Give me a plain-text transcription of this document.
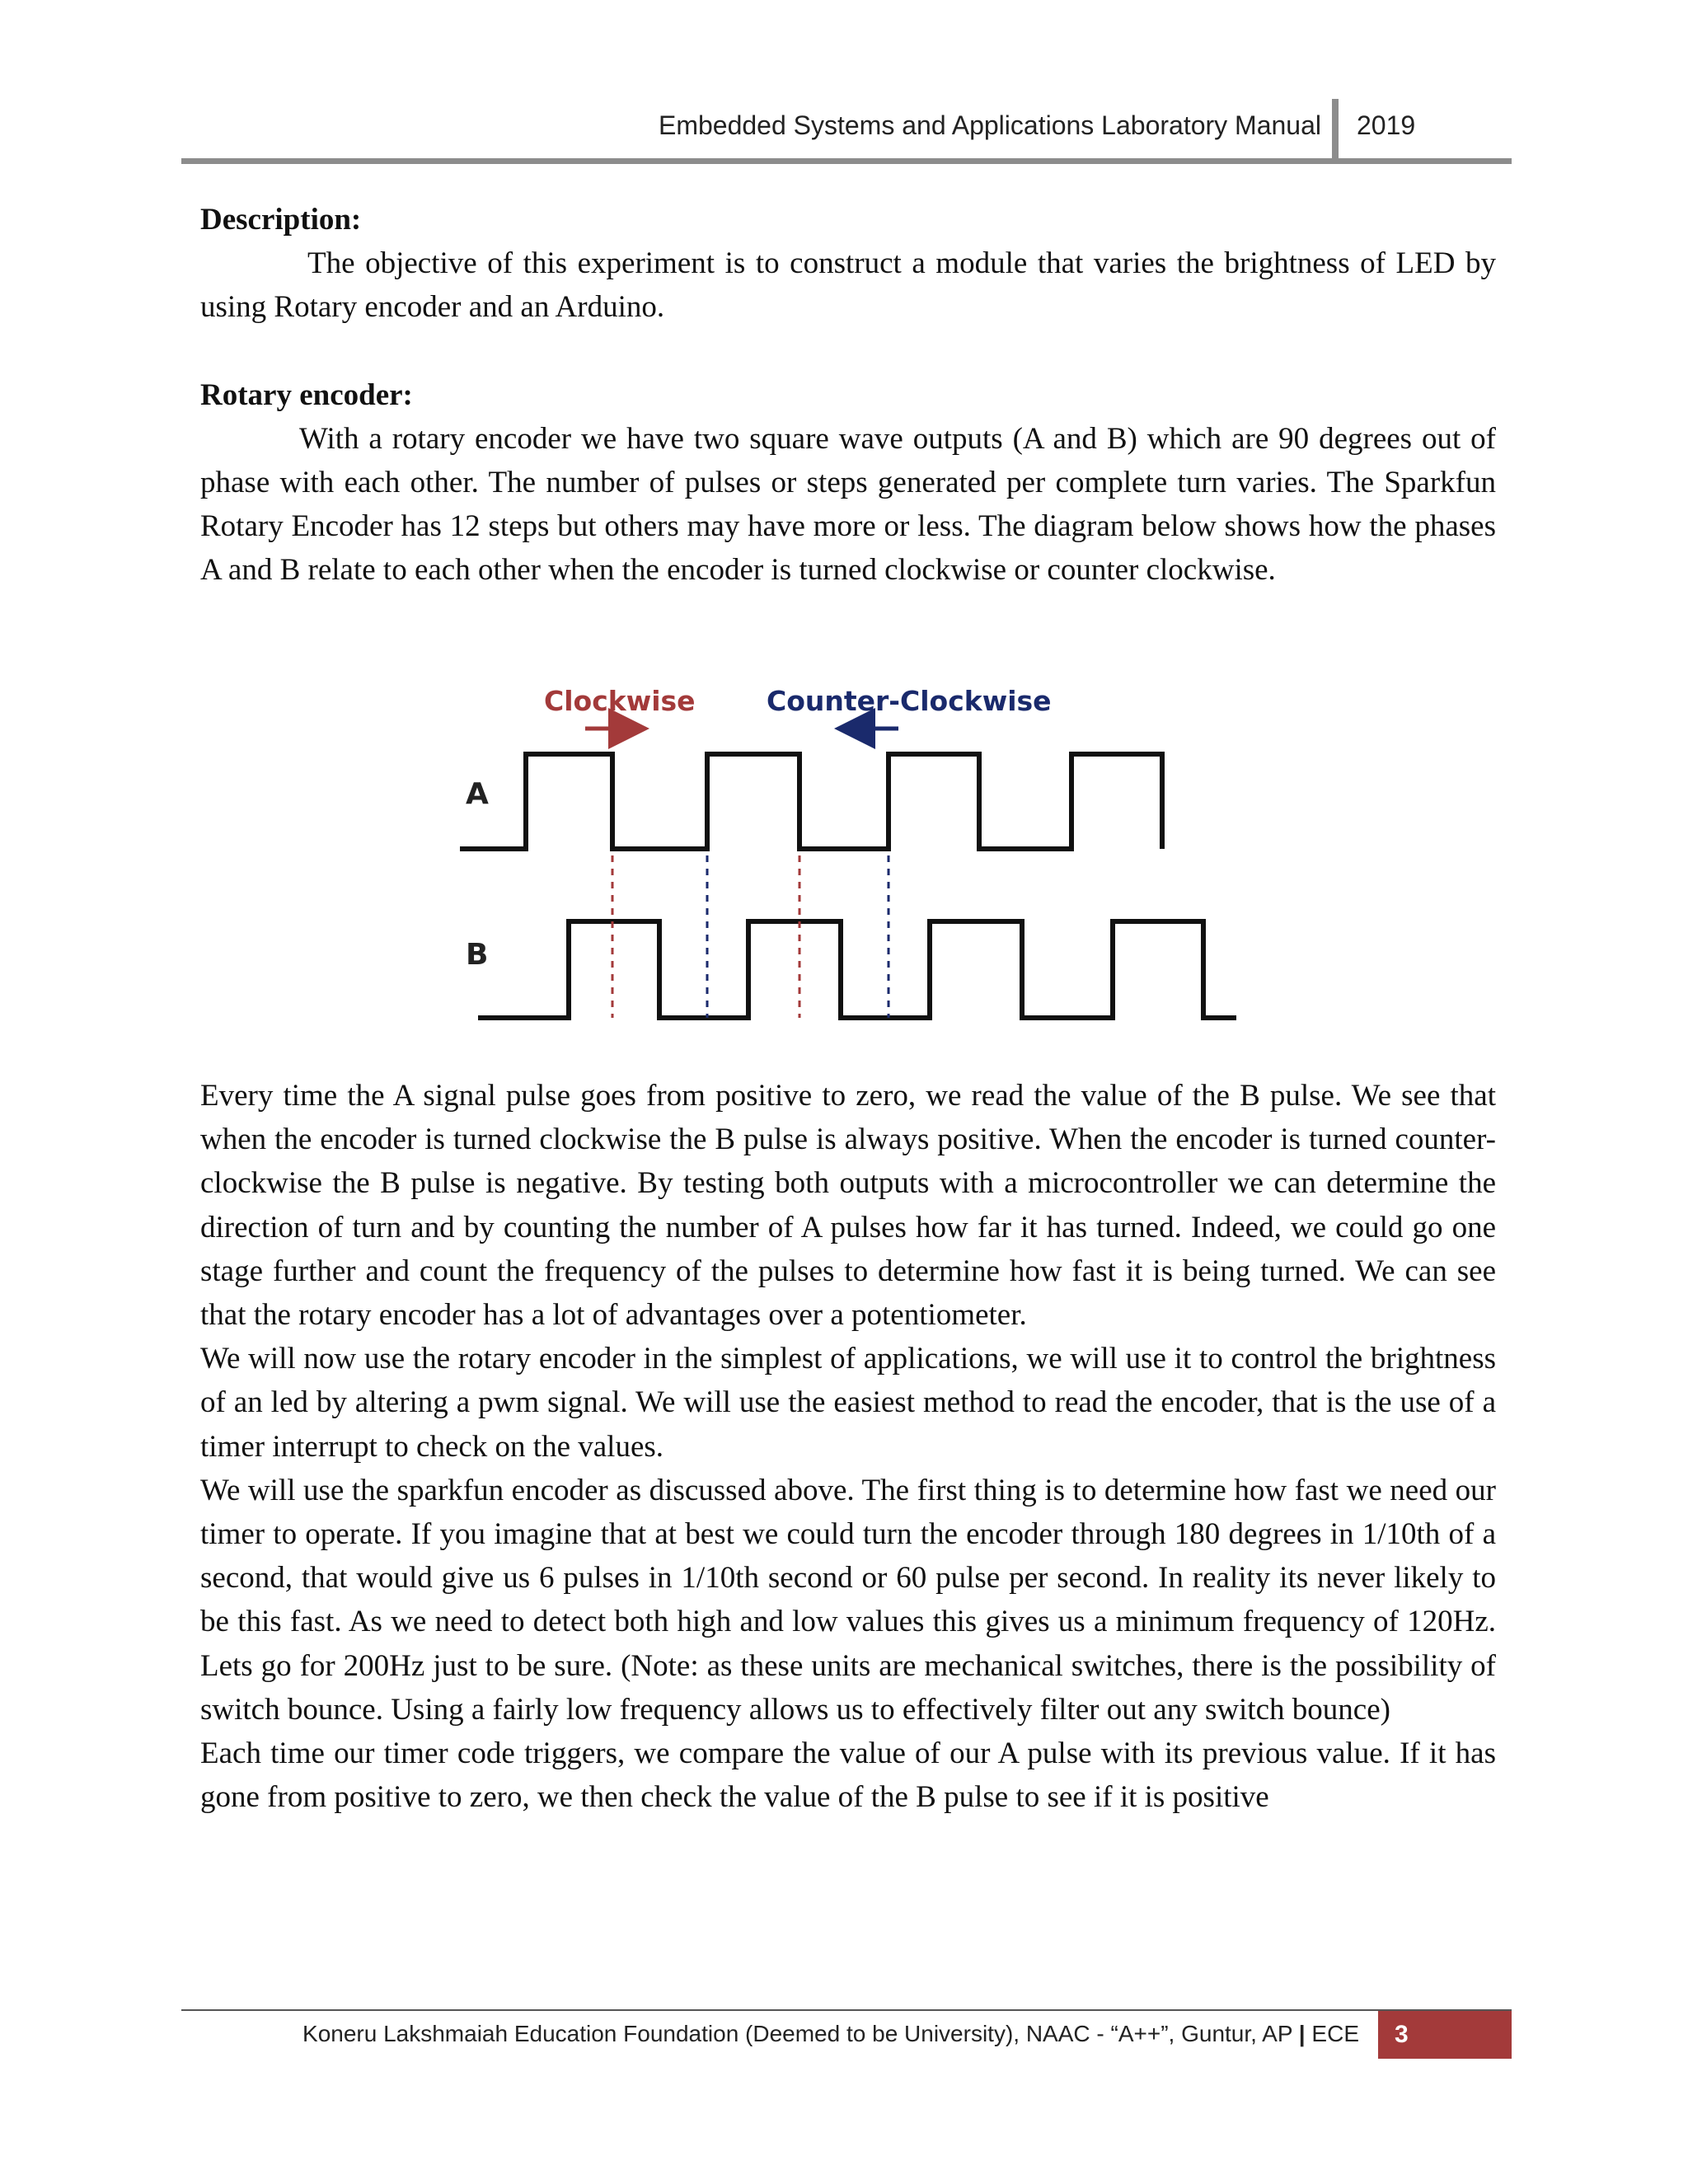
Embedded Systems and Applications Laboratory Manual 2019

Description:

The objective of this experiment is to construct a module that varies the brightness of LED by using Rotary encoder and an Arduino.

Rotary encoder:

With a rotary encoder we have two square wave outputs (A and B) which are 90 degrees out of phase with each other. The number of pulses or steps generated per complete turn varies. The Sparkfun Rotary Encoder has 12 steps but others may have more or less. The diagram below shows how the phases A and B relate to each other when the encoder is turned clockwise or counter clockwise.

Clockwise	Counter-Clockwise
A
B

Every time the A signal pulse goes from positive to zero, we read the value of the B pulse. We see that when the encoder is turned clockwise the B pulse is always positive. When the encoder is turned counter-clockwise the B pulse is negative. By testing both outputs with a microcontroller we can determine the direction of turn and by counting the number of A pulses how far it has turned. Indeed, we could go one stage further and count the frequency of the pulses to determine how fast it is being turned. We can see that the rotary encoder has a lot of advantages over a potentiometer.

We will now use the rotary encoder in the simplest of applications, we will use it to control the brightness of an led by altering a pwm signal. We will use the easiest method to read the encoder, that is the use of a timer interrupt to check on the values.

We will use the sparkfun encoder as discussed above. The first thing is to determine how fast we need our timer to operate. If you imagine that at best we could turn the encoder through 180 degrees in 1/10th of a second, that would give us 6 pulses in 1/10th second or 60 pulse per second. In reality its never likely to be this fast. As we need to detect both high and low values this gives us a minimum frequency of 120Hz. Lets go for 200Hz just to be sure. (Note: as these units are mechanical switches, there is the possibility of switch bounce. Using a fairly low frequency allows us to effectively filter out any switch bounce)

Each time our timer code triggers, we compare the value of our A pulse with its previous value. If it has gone from positive to zero, we then check the value of the B pulse to see if it is positive

Koneru Lakshmaiah Education Foundation (Deemed to be University), NAAC - “A++”, Guntur, AP | ECE	3
